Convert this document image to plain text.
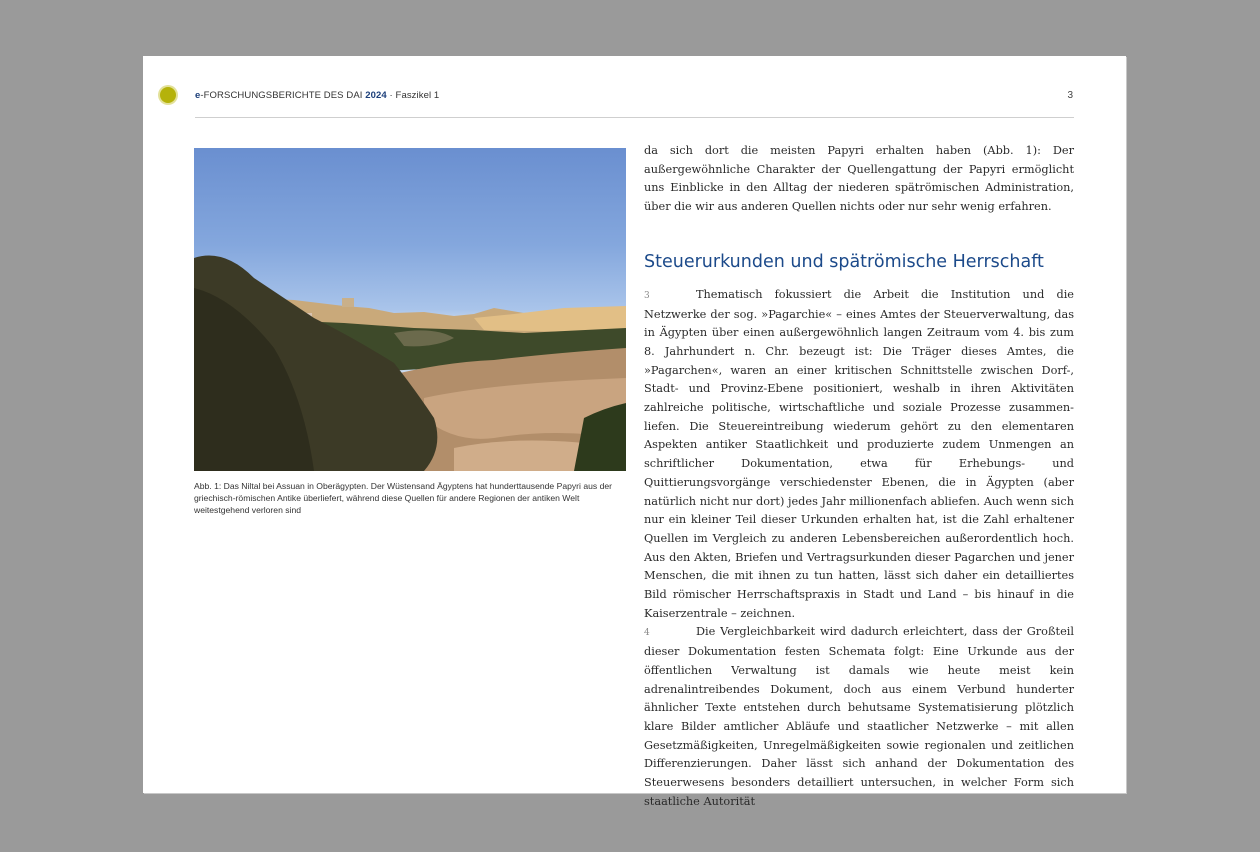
e-FORSCHUNGSBERICHTE DES DAI 2024 · Faszikel 1	3
Abb. 1: Das Niltal bei Assuan in Oberägypten. Der Wüstensand Ägyptens hat hunderttausende Papyri aus der griechisch-römischen Antike überliefert, während diese Quellen für andere Regionen der antiken Welt weitestgehend verloren sind

da sich dort die meisten Papyri erhalten haben (Abb. 1): Der außergewöhnliche Charakter der Quellengattung der Papyri ermöglicht uns Einblicke in den Alltag der niederen spätrömischen Administration, über die wir aus anderen Quellen nichts oder nur sehr wenig erfahren.

Steuerurkunden und spätrömische Herrschaft

3	Thematisch fokussiert die Arbeit die Institution und die Netzwerke der sog. »Pagarchie« – eines Amtes der Steuerverwaltung, das in Ägypten über einen außergewöhnlich langen Zeitraum vom 4. bis zum 8. Jahrhundert n. Chr. bezeugt ist: Die Träger dieses Amtes, die »Pagarchen«, waren an einer kritischen Schnittstelle zwischen Dorf-, Stadt- und Provinz-Ebene positioniert, weshalb in ihren Aktivitäten zahlreiche politische, wirtschaftliche und soziale Prozesse zusammenliefen. Die Steuereintreibung wiederum gehört zu den elementaren Aspekten antiker Staatlichkeit und produzierte zudem Unmengen an schriftlicher Dokumentation, etwa für Erhebungs- und Quittierungsvorgänge verschiedenster Ebenen, die in Ägypten (aber natürlich nicht nur dort) jedes Jahr millionenfach abliefen. Auch wenn sich nur ein kleiner Teil dieser Urkunden erhalten hat, ist die Zahl erhaltener Quellen im Vergleich zu anderen Lebensbereichen außerordentlich hoch. Aus den Akten, Briefen und Vertragsurkunden dieser Pagarchen und jener Menschen, die mit ihnen zu tun hatten, lässt sich daher ein detailliertes Bild römischer Herrschaftspraxis in Stadt und Land – bis hinauf in die Kaiserzentrale – zeichnen.

4	Die Vergleichbarkeit wird dadurch erleichtert, dass der Großteil dieser Dokumentation festen Schemata folgt: Eine Urkunde aus der öffentlichen Verwaltung ist damals wie heute meist kein adrenalintreibendes Dokument, doch aus einem Verbund hunderter ähnlicher Texte entstehen durch behutsame Systematisierung plötzlich klare Bilder amtlicher Abläufe und staatlicher Netzwerke – mit allen Gesetzmäßigkeiten, Unregelmäßigkeiten sowie regionalen und zeitlichen Differenzierungen. Daher lässt sich anhand der Dokumentation des Steuerwesens besonders detailliert untersuchen, in welcher Form sich staatliche Autorität
